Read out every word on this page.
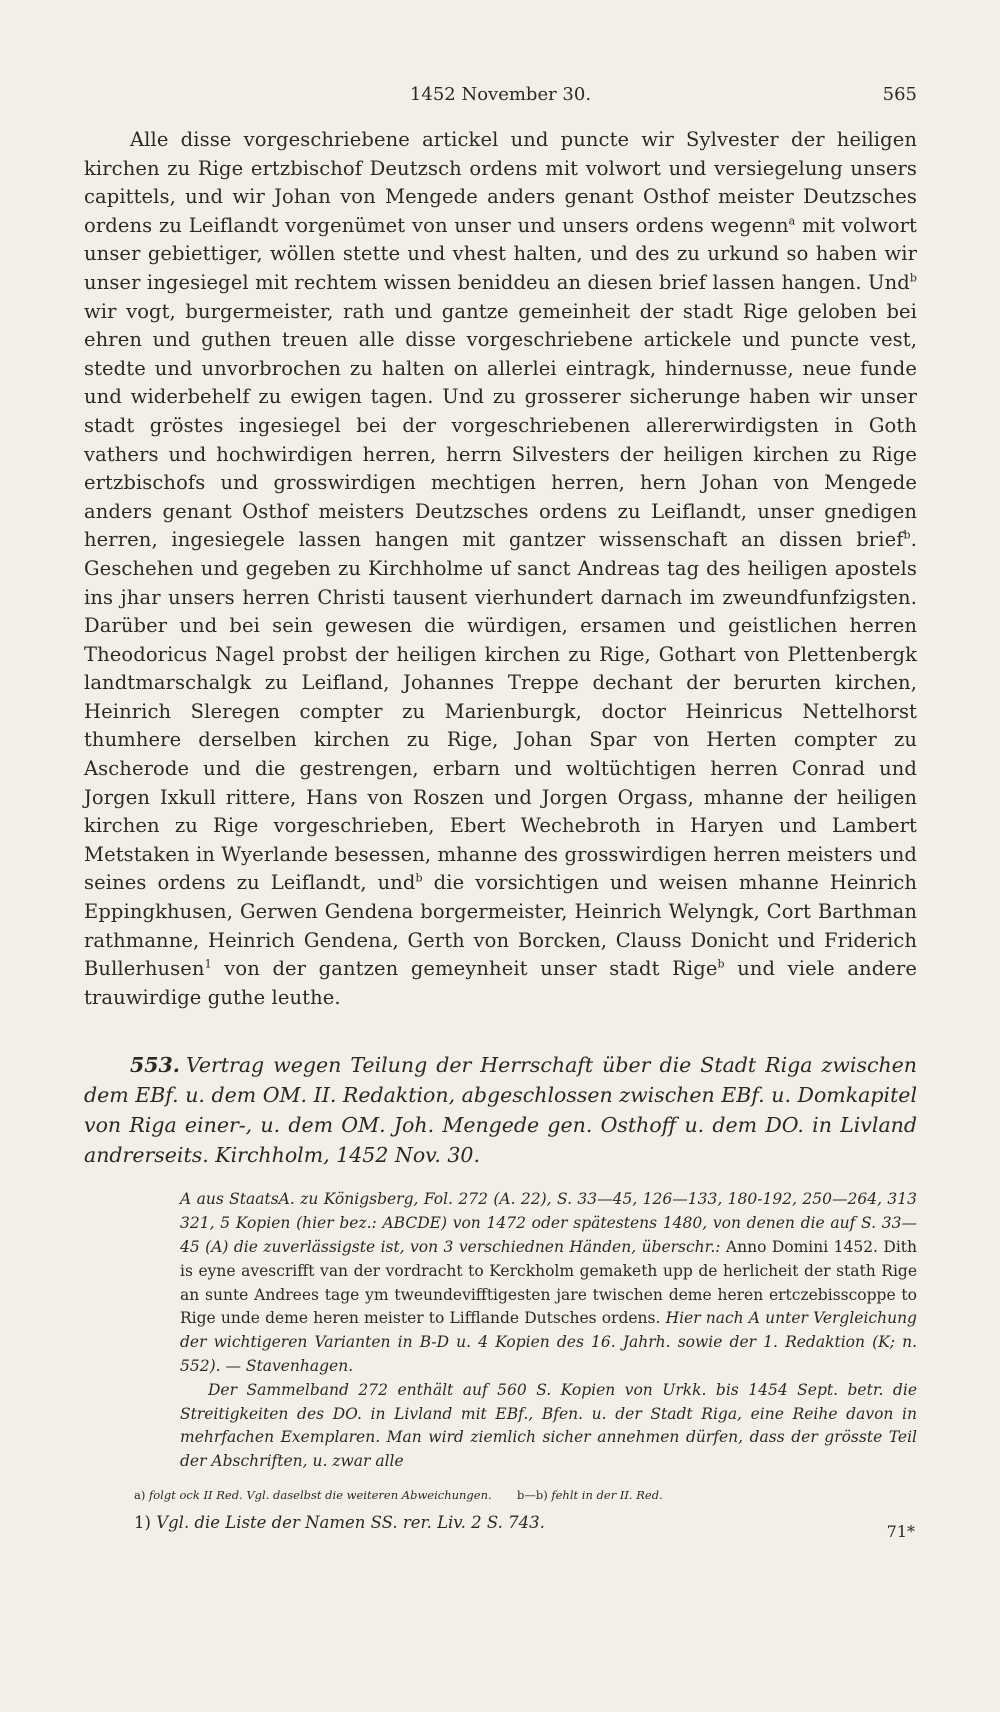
1452 November 30.	565
Alle disse vorgeschriebene artickel und puncte wir Sylvester der heiligen kirchen zu Rige ertzbischof Deutzsch ordens mit volwort und versiegelung unsers capittels, und wir Johan von Mengede anders genant Osthof meister Deutzsches ordens zu Leiflandt vorgenümet von unser und unsers ordens wegenn$^a$ mit volwort unser gebiettiger, wöllen stette und vhest halten, und des zu urkund so haben wir unser ingesiegel mit rechtem wissen beniddeu an diesen brief lassen hangen. Und$^b$ wir vogt, burgermeister, rath und gantze gemeinheit der stadt Rige geloben bei ehren und guthen treuen alle disse vorgeschriebene artickele und puncte vest, stedte und unvorbrochen zu halten on allerlei eintragk, hindernusse, neue funde und widerbehelf zu ewigen tagen. Und zu grosserer sicherunge haben wir unser stadt gröstes ingesiegel bei der vorgeschriebenen allererwirdigsten in Goth vathers und hochwirdigen herren, herrn Silvesters der heiligen kirchen zu Rige ertzbischofs und grosswirdigen mechtigen herren, hern Johan von Mengede anders genant Osthof meisters Deutzsches ordens zu Leiflandt, unser gnedigen herren, ingesiegele lassen hangen mit gantzer wissenschaft an dissen brief$^b$. Geschehen und gegeben zu Kirchholme uf sanct Andreas tag des heiligen apostels ins jhar unsers herren Christi tausent vierhundert darnach im zweundfunfzigsten. Darüber und bei sein gewesen die würdigen, ersamen und geistlichen herren Theodoricus Nagel probst der heiligen kirchen zu Rige, Gothart von Plettenbergk landtmarschalgk zu Leifland, Johannes Treppe dechant der berurten kirchen, Heinrich Sleregen compter zu Marienburgk, doctor Heinricus Nettelhorst thumhere derselben kirchen zu Rige, Johan Spar von Herten compter zu Ascherode und die gestrengen, erbarn und woltüchtigen herren Conrad und Jorgen Ixkull rittere, Hans von Roszen und Jorgen Orgass, mhanne der heiligen kirchen zu Rige vorgeschrieben, Ebert Wechebroth in Haryen und Lambert Metstaken in Wyerlande besessen, mhanne des grosswirdigen herren meisters und seines ordens zu Leiflandt, und$^b$ die vorsichtigen und weisen mhanne Heinrich Eppingkhusen, Gerwen Gendena borgermeister, Heinrich Welyngk, Cort Barthman rathmanne, Heinrich Gendena, Gerth von Borcken, Clauss Donicht und Friderich Bullerhusen$^1$ von der gantzen gemeynheit unser stadt Rige$^b$ und viele andere trauwirdige guthe leuthe.
553. Vertrag wegen Teilung der Herrschaft über die Stadt Riga zwischen dem EBf. u. dem OM. II. Redaktion, abgeschlossen zwischen EBf. u. Domkapitel von Riga einer-, u. dem OM. Joh. Mengede gen. Osthoff u. dem DO. in Livland andrerseits. Kirchholm, 1452 Nov. 30.

A aus StaatsA. zu Königsberg, Fol. 272 (A. 22), S. 33—45, 126—133, 180-192, 250—264, 313 321, 5 Kopien (hier bez.: ABCDE) von 1472 oder spätestens 1480, von denen die auf S. 33—45 (A) die zuverlässigste ist, von 3 verschiednen Händen, überschr.: Anno Domini 1452. Dith is eyne avescrifft van der vordracht to Kerckholm gemaketh upp de herlicheit der stath Rige an sunte Andrees tage ym tweundevifftigesten jare twischen deme heren ertczebisscoppe to Rige unde deme heren meister to Lifflande Dutsches ordens. Hier nach A unter Vergleichung der wichtigeren Varianten in B-D u. 4 Kopien des 16. Jahrh. sowie der 1. Redaktion (K; n. 552). — Stavenhagen.

Der Sammelband 272 enthält auf 560 S. Kopien von Urkk. bis 1454 Sept. betr. die Streitigkeiten des DO. in Livland mit EBf., Bfen. u. der Stadt Riga, eine Reihe davon in mehrfachen Exemplaren. Man wird ziemlich sicher annehmen dürfen, dass der grösste Teil der Abschriften, u. zwar alle

a) folgt ock II Red. Vgl. daselbst die weiteren Abweichungen. b—b) fehlt in der II. Red.
1) Vgl. die Liste der Namen SS. rer. Liv. 2 S. 743.	71*
